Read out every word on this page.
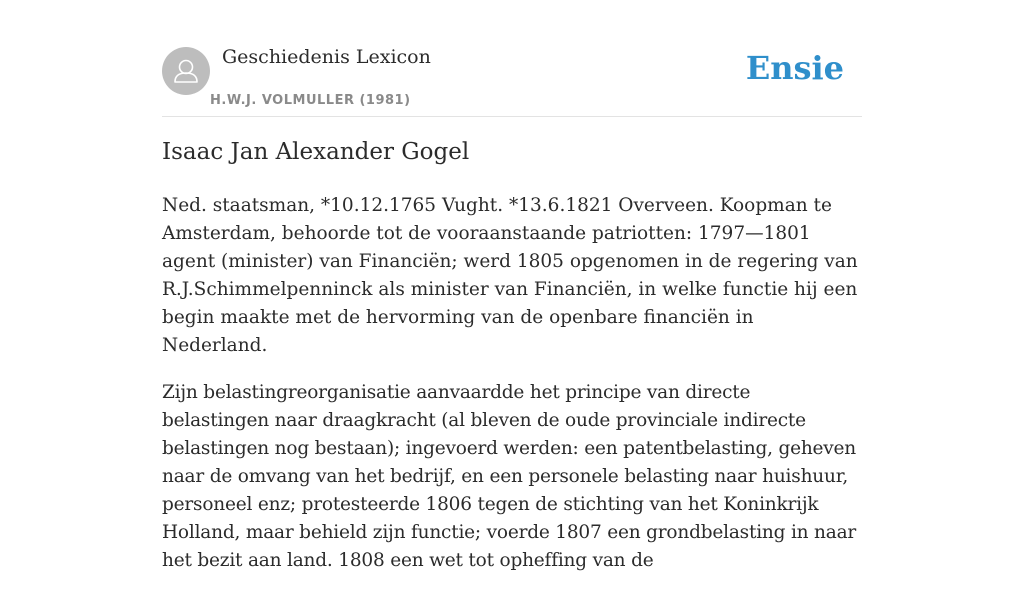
Geschiedenis Lexicon
H.W.J. VOLMULLER (1981)
Ensie
Isaac Jan Alexander Gogel

Ned. staatsman, *10.12.1765 Vught. *13.6.1821 Overveen. Koopman te Amsterdam, behoorde tot de vooraanstaande patriotten: 1797—1801 agent (minister) van Financiën; werd 1805 opgenomen in de regering van R.J.Schimmelpenninck als minister van Financiën, in welke functie hij een begin maakte met de hervorming van de openbare financiën in Nederland.

Zijn belastingreorganisatie aanvaardde het principe van directe belastingen naar draagkracht (al bleven de oude provinciale indirecte belastingen nog bestaan); ingevoerd werden: een patentbelasting, geheven naar de omvang van het bedrijf, en een personele belasting naar huishuur, personeel enz; protesteerde 1806 tegen de stichting van het Koninkrijk Holland, maar behield zijn functie; voerde 1807 een grondbelasting in naar het bezit aan land. 1808 een wet tot opheffing van de
